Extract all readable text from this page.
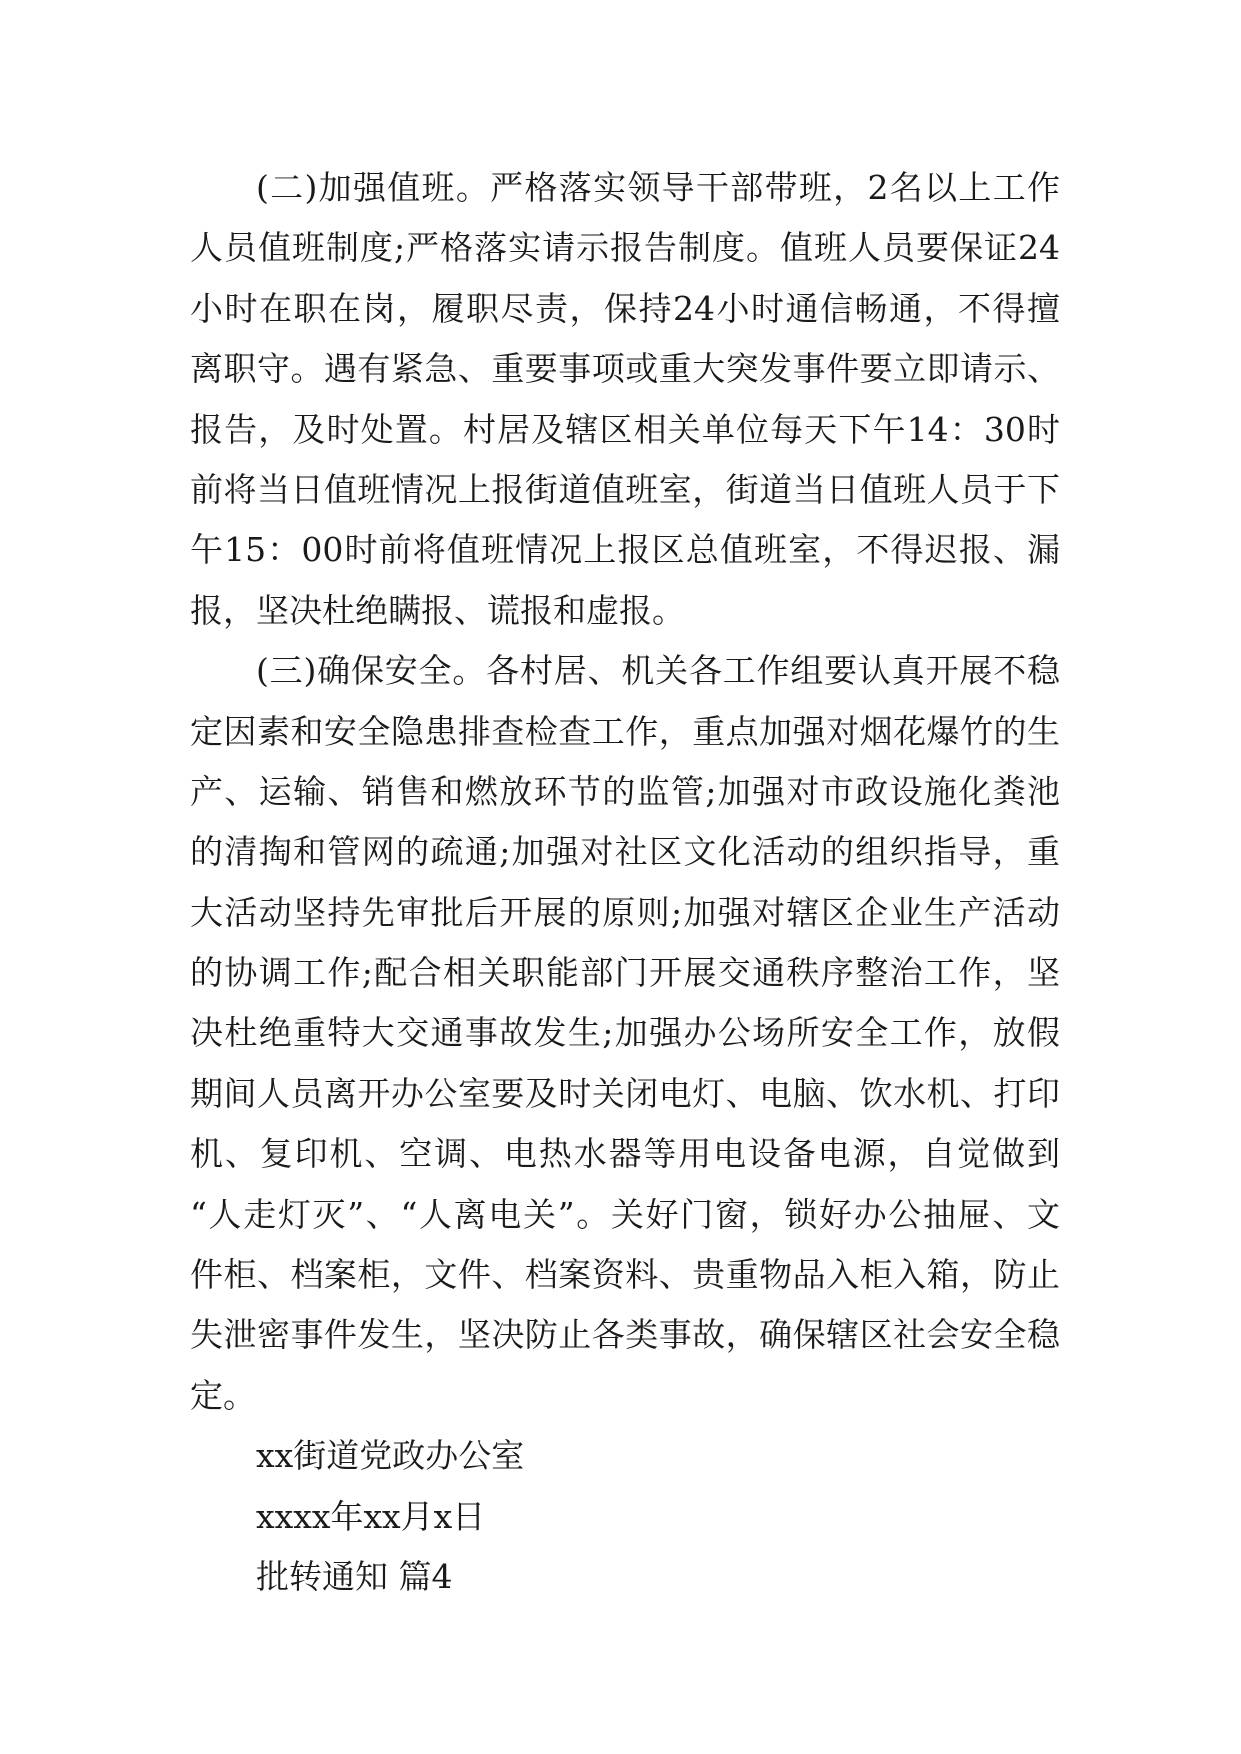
(二)加强值班。严格落实领导干部带班，2名以上工作
人员值班制度;严格落实请示报告制度。值班人员要保证24
小时在职在岗，履职尽责，保持24小时通信畅通，不得擅
离职守。遇有紧急、重要事项或重大突发事件要立即请示、
报告，及时处置。村居及辖区相关单位每天下午14：30时
前将当日值班情况上报街道值班室，街道当日值班人员于下
午15：00时前将值班情况上报区总值班室，不得迟报、漏
报，坚决杜绝瞒报、谎报和虚报。
(三)确保安全。各村居、机关各工作组要认真开展不稳
定因素和安全隐患排查检查工作，重点加强对烟花爆竹的生
产、运输、销售和燃放环节的监管;加强对市政设施化粪池
的清掏和管网的疏通;加强对社区文化活动的组织指导，重
大活动坚持先审批后开展的原则;加强对辖区企业生产活动
的协调工作;配合相关职能部门开展交通秩序整治工作，坚
决杜绝重特大交通事故发生;加强办公场所安全工作，放假
期间人员离开办公室要及时关闭电灯、电脑、饮水机、打印
机、复印机、空调、电热水器等用电设备电源，自觉做到
“人走灯灭”、“人离电关”。关好门窗，锁好办公抽屉、文
件柜、档案柜，文件、档案资料、贵重物品入柜入箱，防止
失泄密事件发生，坚决防止各类事故，确保辖区社会安全稳
定。
xx街道党政办公室
xxxx年xx月x日
批转通知 篇4
